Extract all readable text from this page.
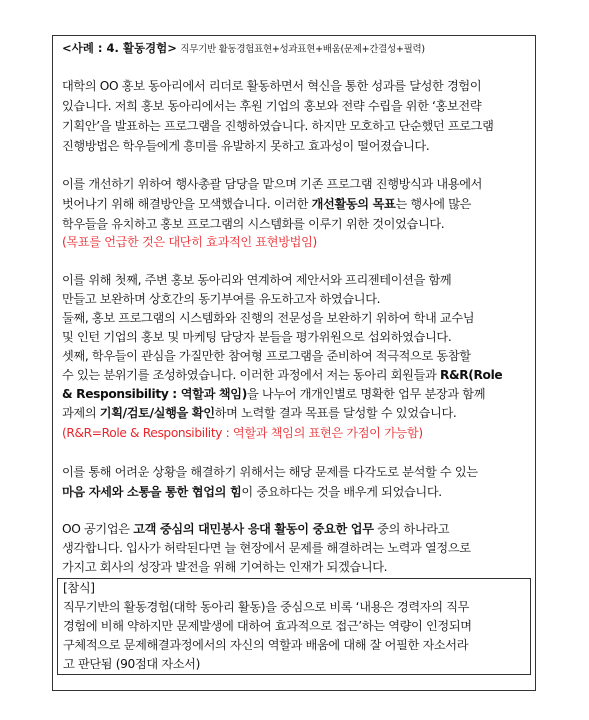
<사례 : 4. 활동경험> 직무기반 활동경험표현+성과표현+배움(문제+간결성+필력)
대학의 OO 홍보 동아리에서 리더로 활동하면서 혁신을 통한 성과를 달성한 경험이
있습니다. 저희 홍보 동아리에서는 후원 기업의 홍보와 전략 수립을 위한 ‘홍보전략
기획안’을 발표하는 프로그램을 진행하였습니다. 하지만 모호하고 단순했던 프로그램
진행방법은 학우들에게 흥미를 유발하지 못하고 효과성이 떨어졌습니다.
이를 개선하기 위하여 행사총괄 담당을 맡으며 기존 프로그램 진행방식과 내용에서
벗어나기 위해 해결방안을 모색했습니다. 이러한 개선활동의 목표는 행사에 많은
학우들을 유치하고 홍보 프로그램의 시스템화를 이루기 위한 것이었습니다.
(목표를 언급한 것은 대단히 효과적인 표현방법임)
이를 위해 첫째, 주변 홍보 동아리와 연계하여 제안서와 프리젠테이션을 함께
만들고 보완하며 상호간의 동기부여를 유도하고자 하였습니다.
둘째, 홍보 프로그램의 시스템화와 진행의 전문성을 보완하기 위하여 학내 교수님
및 인턴 기업의 홍보 및 마케팅 담당자 분들을 평가위원으로 섭외하였습니다.
셋째, 학우들이 관심을 가질만한 참여형 프로그램을 준비하여 적극적으로 동참할
수 있는 분위기를 조성하였습니다. 이러한 과정에서 저는 동아리 회원들과 R&R(Role
& Responsibility : 역할과 책임)을 나누어 개개인별로 명확한 업무 분장과 함께
과제의 기획/검토/실행을 확인하며 노력할 결과 목표를 달성할 수 있었습니다.
(R&R=Role & Responsibility : 역할과 책임의 표현은 가점이 가능함)
이를 통해 어려운 상황을 해결하기 위해서는 해당 문제를 다각도로 분석할 수 있는
마음 자세와 소통을 통한 협업의 힘이 중요하다는 것을 배우게 되었습니다.
OO 공기업은 고객 중심의 대민봉사 응대 활동이 중요한 업무 중의 하나라고
생각합니다. 입사가 허락된다면 늘 현장에서 문제를 해결하려는 노력과 열정으로
가지고 회사의 성장과 발전을 위해 기여하는 인재가 되겠습니다.
[참식]
직무기반의 활동경험(대학 동아리 활동)을 중심으로 비록 ‘내용은 경력자의 직무
경험에 비해 약하지만 문제발생에 대하여 효과적으로 접근’하는 역량이 인정되며
구체적으로 문제해결과정에서의 자신의 역할과 배움에 대해 잘 어필한 자소서라
고 판단됨 (90점대 자소서)
